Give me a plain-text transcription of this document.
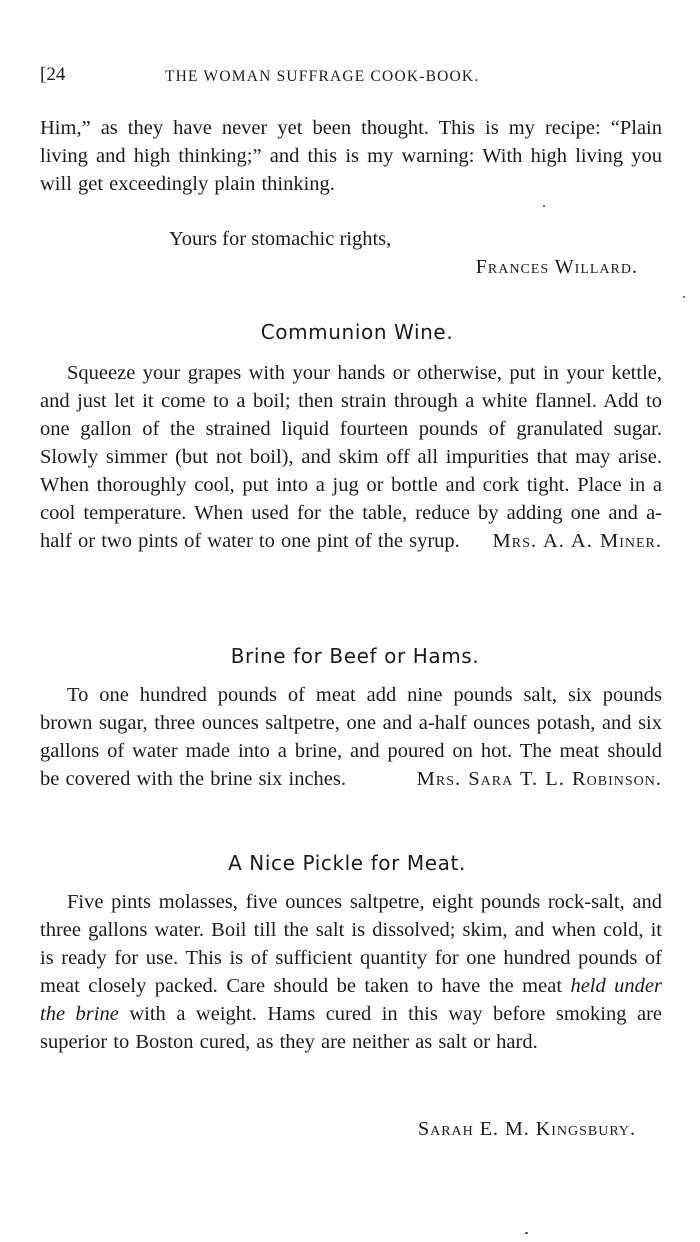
[24	THE WOMAN SUFFRAGE COOK-BOOK.

Him,” as they have never yet been thought. This is my recipe: “Plain living and high thinking;” and this is my warning: With high living you will get exceedingly plain thinking.

Yours for stomachic rights,
Frances Willard.
Communion Wine.

Squeeze your grapes with your hands or otherwise, put in your kettle, and just let it come to a boil; then strain through a white flannel. Add to one gallon of the strained liquid fourteen pounds of granulated sugar. Slowly simmer (but not boil), and skim off all impurities that may arise. When thoroughly cool, put into a jug or bottle and cork tight. Place in a cool temperature. When used for the table, reduce by adding one and a-half or two pints of water to one pint of the syrup. Mrs. A. A. Miner.

Brine for Beef or Hams.

To one hundred pounds of meat add nine pounds salt, six pounds brown sugar, three ounces saltpetre, one and a-half ounces potash, and six gallons of water made into a brine, and poured on hot. The meat should be covered with the brine six inches.	Mrs. Sara T. L. Robinson.

A Nice Pickle for Meat.

Five pints molasses, five ounces saltpetre, eight pounds rock-salt, and three gallons water. Boil till the salt is dissolved; skim, and when cold, it is ready for use. This is of sufficient quantity for one hundred pounds of meat closely packed. Care should be taken to have the meat held under the brine with a weight. Hams cured in this way before smoking are superior to Boston cured, as they are neither as salt or hard.

Sarah E. M. Kingsbury.
